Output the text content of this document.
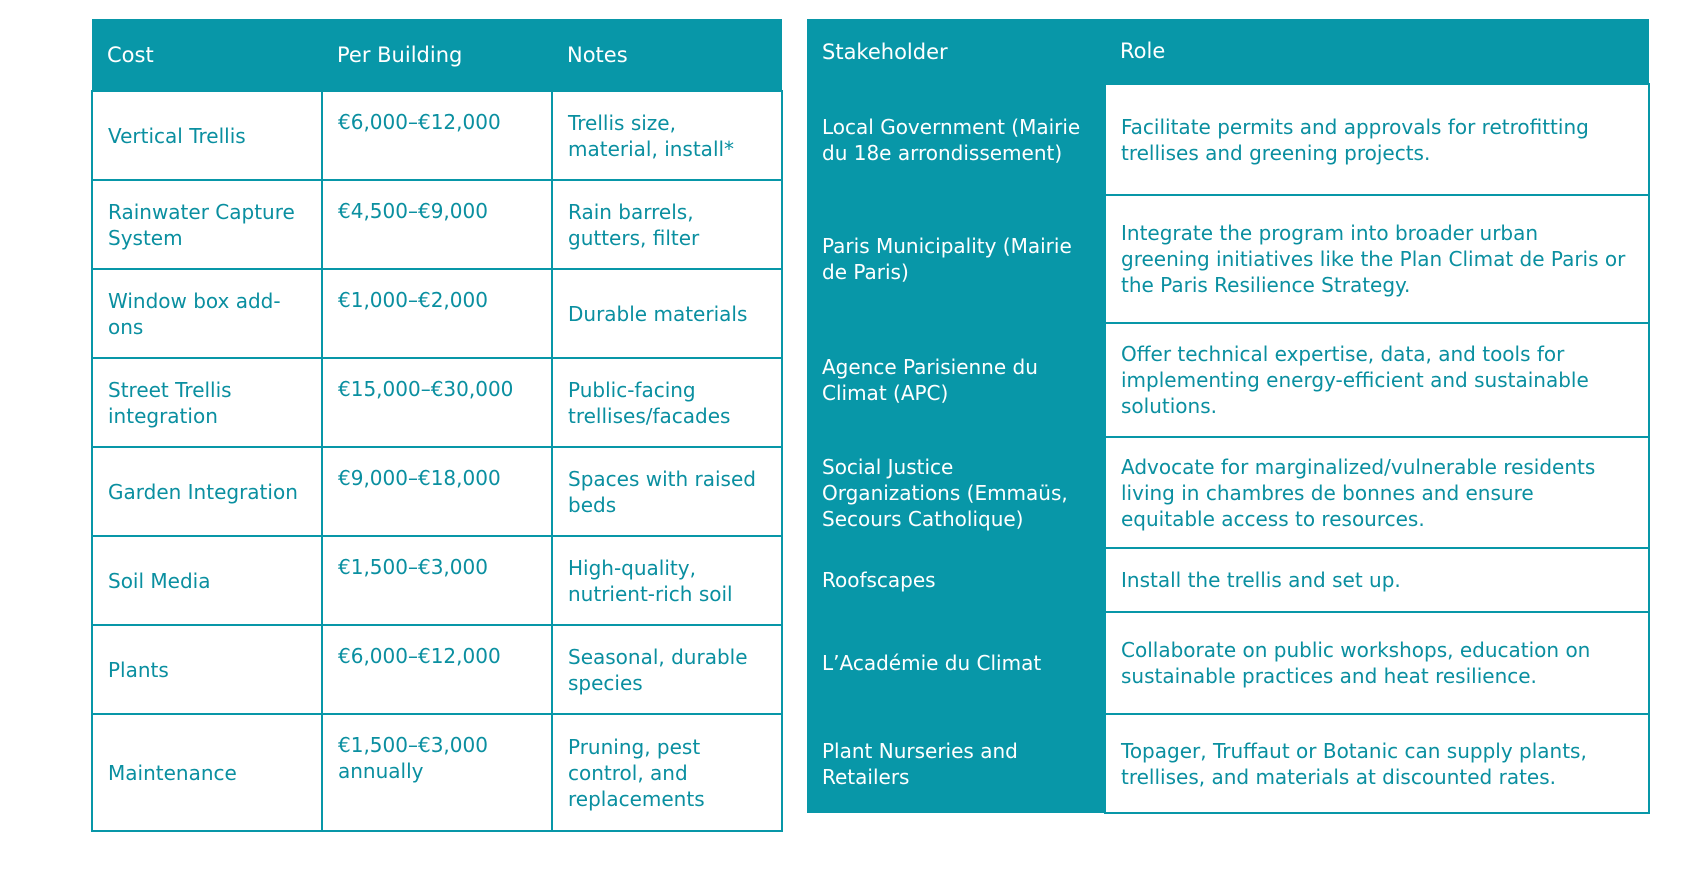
Cost	Per Building	Notes
Vertical Trellis	€6,000–€12,000	Trellis size, material, install*
Rainwater Capture System	€4,500–€9,000	Rain barrels, gutters, filter
Window box add-ons	€1,000–€2,000	Durable materials
Street Trellis integration	€15,000–€30,000	Public-facing trellises/facades
Garden Integration	€9,000–€18,000	Spaces with raised beds
Soil Media	€1,500–€3,000	High-quality, nutrient-rich soil
Plants	€6,000–€12,000	Seasonal, durable species
Maintenance	€1,500–€3,000 annually	Pruning, pest control, and replacements
Stakeholder	Role
Local Government (Mairie du 18e arrondissement)	Facilitate permits and approvals for retrofitting trellises and greening projects.
Paris Municipality (Mairie de Paris)	Integrate the program into broader urban greening initiatives like the Plan Climat de Paris or the Paris Resilience Strategy.
Agence Parisienne du Climat (APC)	Offer technical expertise, data, and tools for implementing energy-efficient and sustainable solutions.
Social Justice Organizations (Emmaüs, Secours Catholique)	Advocate for marginalized/vulnerable residents living in chambres de bonnes and ensure equitable access to resources.
Roofscapes	Install the trellis and set up.
L’Académie du Climat	Collaborate on public workshops, education on sustainable practices and heat resilience.
Plant Nurseries and Retailers	Topager, Truffaut or Botanic can supply plants, trellises, and materials at discounted rates.
